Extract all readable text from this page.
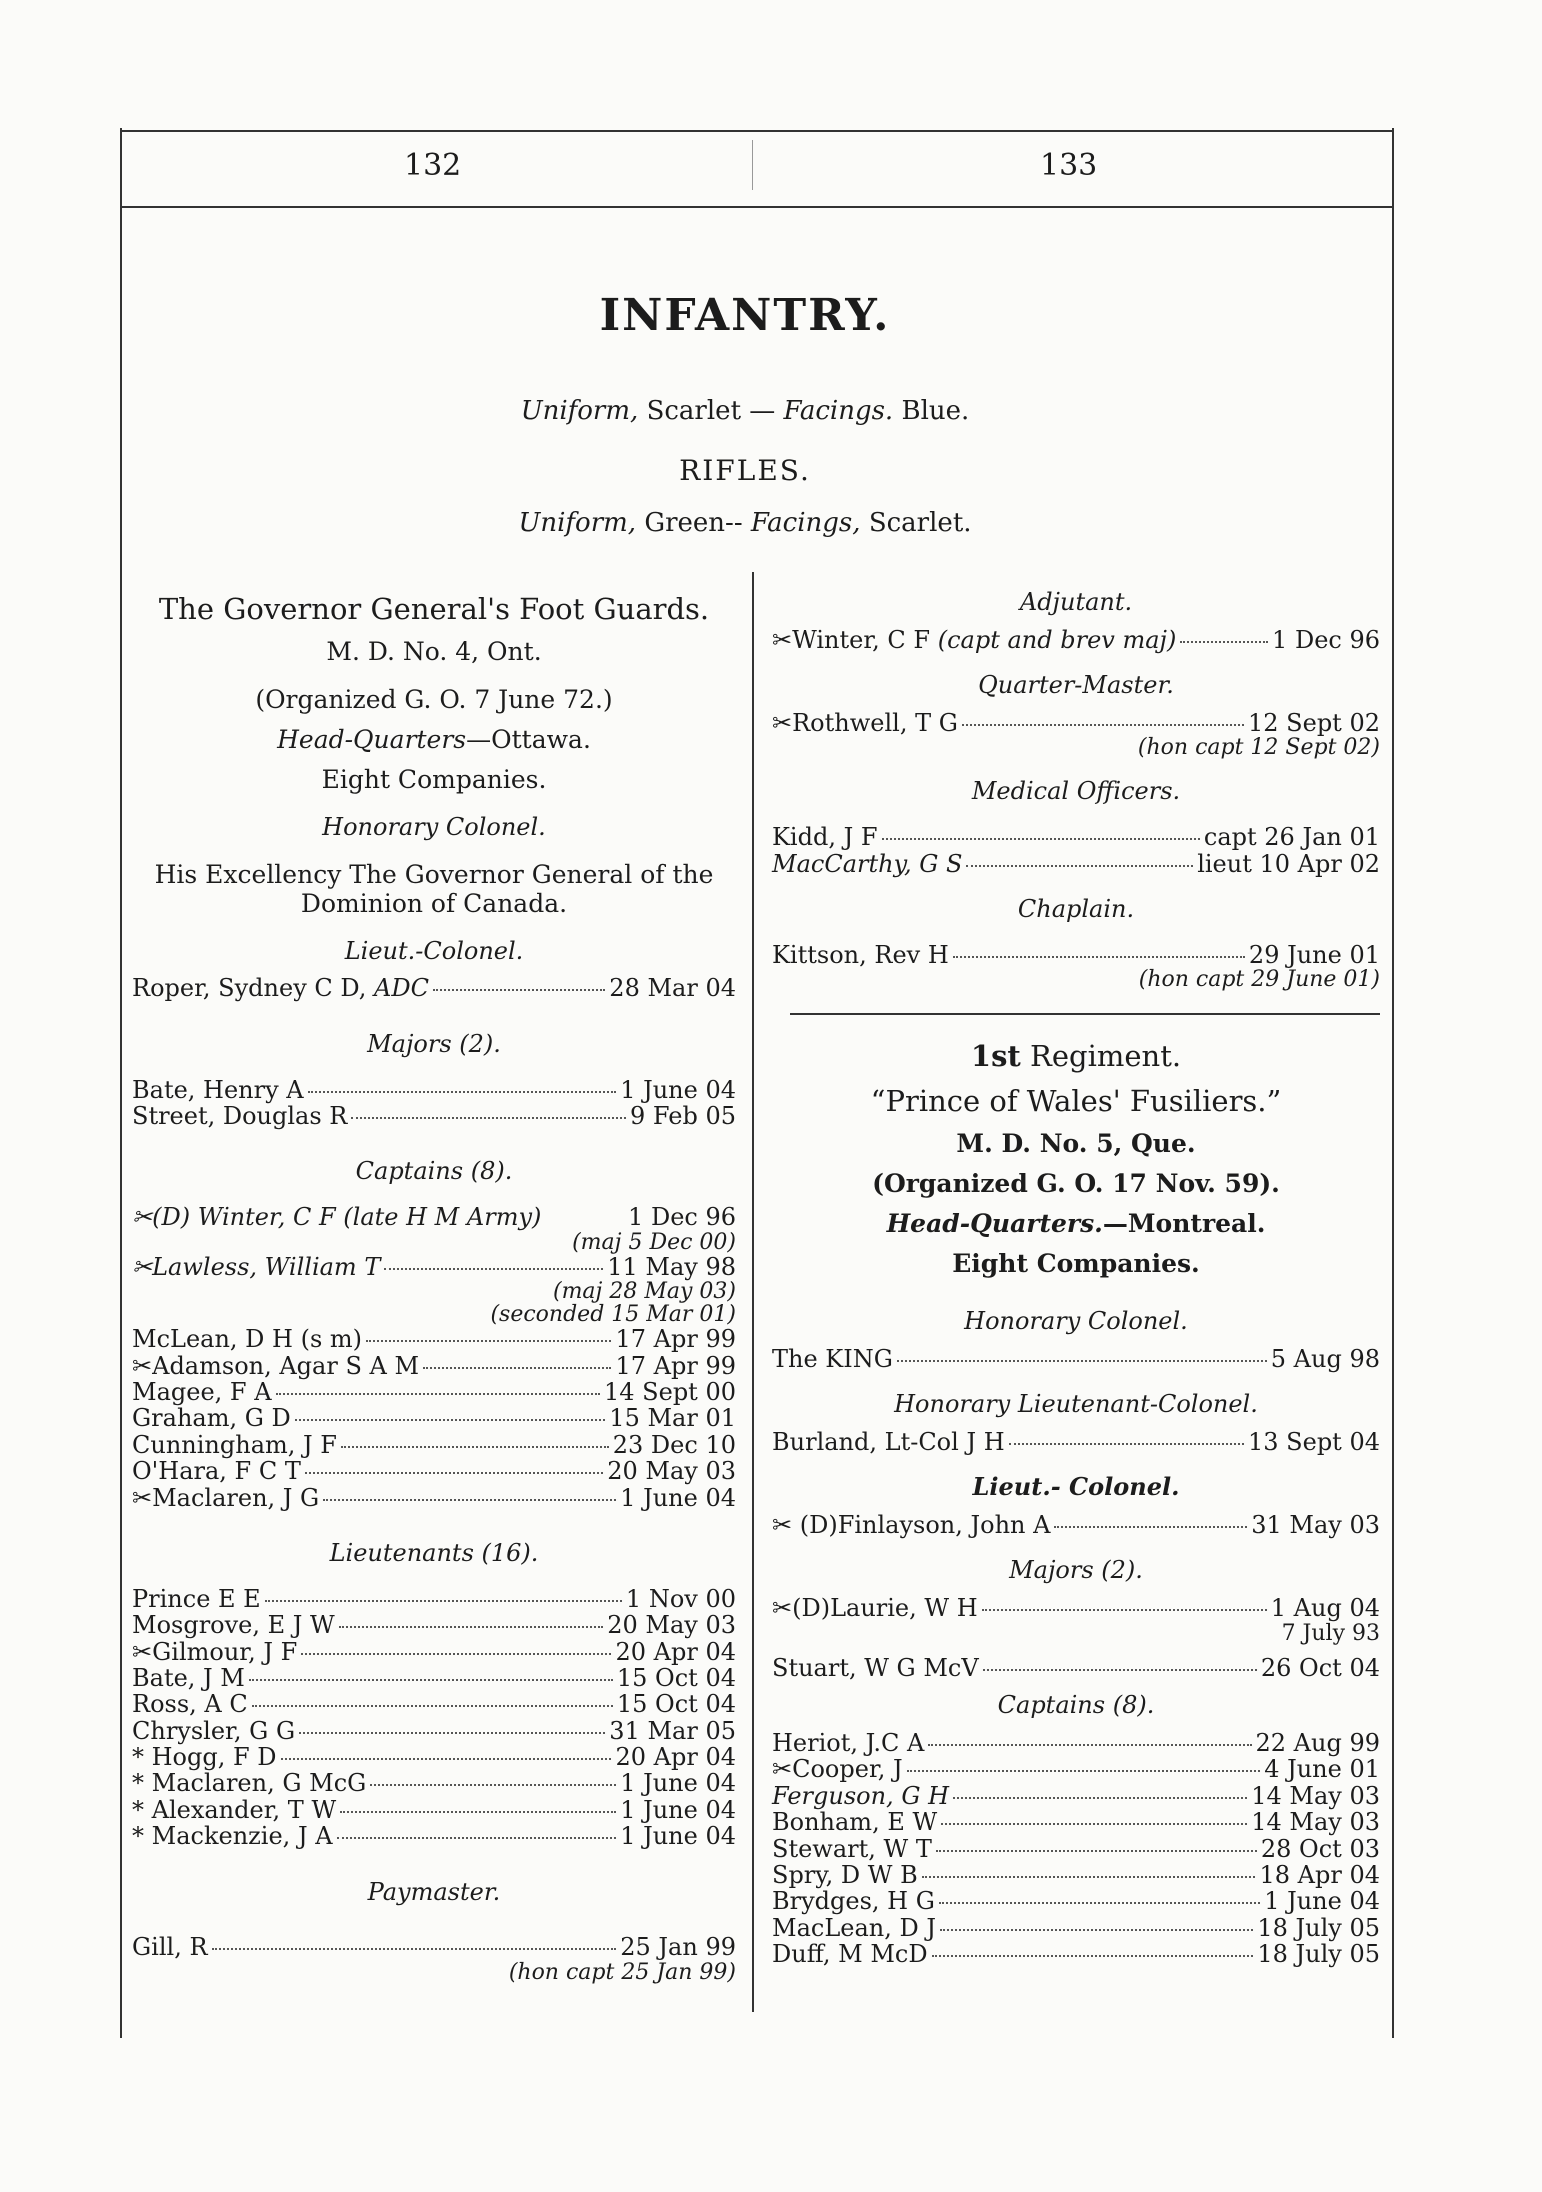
132	133
INFANTRY.
Uniform, Scarlet — Facings. Blue.
RIFLES.
Uniform, Green-- Facings, Scarlet.
The Governor General's Foot Guards.
M. D. No. 4, Ont.
(Organized G. O. 7 June 72.)
Head-Quarters—Ottawa.
Eight Companies.
Honorary Colonel.
His Excellency The Governor General of the
Dominion of Canada.
Lieut.-Colonel.
Roper, Sydney C D, ADC	28 Mar 04
Majors (2).
Bate, Henry A	1 June 04
Street, Douglas R	9 Feb 05
Captains (8).
✂(D) Winter, C F (late H M Army)	1 Dec 96
(maj 5 Dec 00)
✂Lawless, William T	11 May 98
(maj 28 May 03)
(seconded 15 Mar 01)
McLean, D H (s m)	17 Apr 99
✂Adamson, Agar S A M	17 Apr 99
Magee, F A	14 Sept 00
Graham, G D	15 Mar 01
Cunningham, J F	23 Dec 10
O'Hara, F C T	20 May 03
✂Maclaren, J G	1 June 04
Lieutenants (16).
Prince E E	1 Nov 00
Mosgrove, E J W	20 May 03
✂Gilmour, J F	20 Apr 04
Bate, J M	15 Oct 04
Ross, A C	15 Oct 04
Chrysler, G G	31 Mar 05
* Hogg, F D	20 Apr 04
* Maclaren, G McG	1 June 04
* Alexander, T W	1 June 04
* Mackenzie, J A	1 June 04
Paymaster.
Gill, R	25 Jan 99
(hon capt 25 Jan 99)
Adjutant.
✂Winter, C F (capt and brev maj)	1 Dec 96
Quarter-Master.
✂Rothwell, T G	12 Sept 02
(hon capt 12 Sept 02)
Medical Officers.
Kidd, J F	capt 26 Jan 01
MacCarthy, G S	lieut 10 Apr 02
Chaplain.
Kittson, Rev H	29 June 01
(hon capt 29 June 01)
1st Regiment.
“Prince of Wales' Fusiliers.”
M. D. No. 5, Que.
(Organized G. O. 17 Nov. 59).
Head-Quarters.—Montreal.
Eight Companies.
Honorary Colonel.
The KING	5 Aug 98
Honorary Lieutenant-Colonel.
Burland, Lt-Col J H	13 Sept 04
Lieut.- Colonel.
✂ (D)Finlayson, John A	31 May 03
Majors (2).
✂(D)Laurie, W H	1 Aug 04
7 July 93
Stuart, W G McV	26 Oct 04
Captains (8).
Heriot, J.C A	22 Aug 99
✂Cooper, J	4 June 01
Ferguson, G H	14 May 03
Bonham, E W	14 May 03
Stewart, W T	28 Oct 03
Spry, D W B	18 Apr 04
Brydges, H G	1 June 04
MacLean, D J	18 July 05
Duff, M McD	18 July 05
